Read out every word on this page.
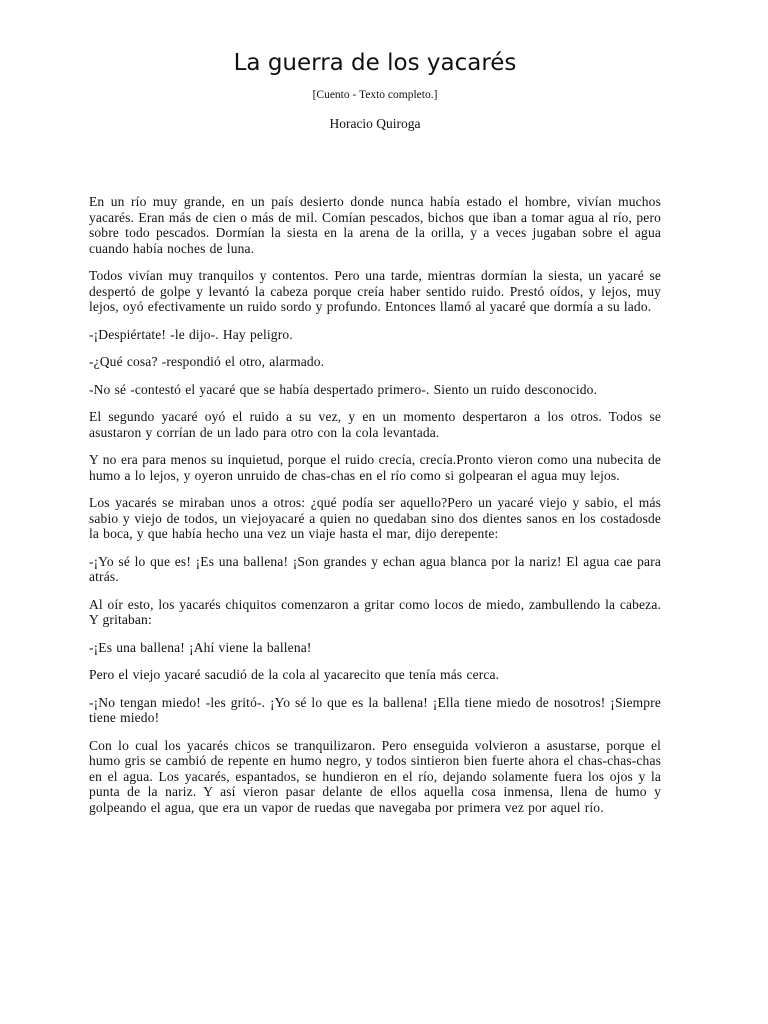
La guerra de los yacarés
[Cuento - Texto completo.]
Horacio Quiroga

En un río muy grande, en un país desierto donde nunca había estado el hombre, vivían muchos yacarés. Eran más de cien o más de mil. Comían pescados, bichos que iban a tomar agua al río, pero sobre todo pescados. Dormían la siesta en la arena de la orilla, y a veces jugaban sobre el agua cuando había noches de luna.

Todos vivían muy tranquilos y contentos. Pero una tarde, mientras dormían la siesta, un yacaré se despertó de golpe y levantó la cabeza porque creía haber sentido ruido. Prestó oídos, y lejos, muy lejos, oyó efectivamente un ruido sordo y profundo. Entonces llamó al yacaré que dormía a su lado.

-¡Despiértate! -le dijo-. Hay peligro.

-¿Qué cosa? -respondió el otro, alarmado.

-No sé -contestó el yacaré que se había despertado primero-. Siento un ruido desconocido.

El segundo yacaré oyó el ruido a su vez, y en un momento despertaron a los otros. Todos se asustaron y corrían de un lado para otro con la cola levantada.

Y no era para menos su inquietud, porque el ruido crecía, crecía.Pronto vieron como una nubecita de humo a lo lejos, y oyeron unruido de chas-chas en el río como si golpearan el agua muy lejos.

Los yacarés se miraban unos a otros: ¿qué podía ser aquello?Pero un yacaré viejo y sabio, el más sabio y viejo de todos, un viejoyacaré a quien no quedaban sino dos dientes sanos en los costadosde la boca, y que había hecho una vez un viaje hasta el mar, dijo derepente:

-¡Yo sé lo que es! ¡Es una ballena! ¡Son grandes y echan agua blanca por la nariz! El agua cae para atrás.

Al oír esto, los yacarés chiquitos comenzaron a gritar como locos de miedo, zambullendo la cabeza. Y gritaban:

-¡Es una ballena! ¡Ahí viene la ballena!

Pero el viejo yacaré sacudió de la cola al yacarecito que tenía más cerca.

-¡No tengan miedo! -les gritó-. ¡Yo sé lo que es la ballena! ¡Ella tiene miedo de nosotros! ¡Siempre tiene miedo!

Con lo cual los yacarés chicos se tranquilizaron. Pero enseguida volvieron a asustarse, porque el humo gris se cambió de repente en humo negro, y todos sintieron bien fuerte ahora el chas-chas-chas en el agua. Los yacarés, espantados, se hundieron en el río, dejando solamente fuera los ojos y la punta de la nariz. Y así vieron pasar delante de ellos aquella cosa inmensa, llena de humo y golpeando el agua, que era un vapor de ruedas que navegaba por primera vez por aquel río.
